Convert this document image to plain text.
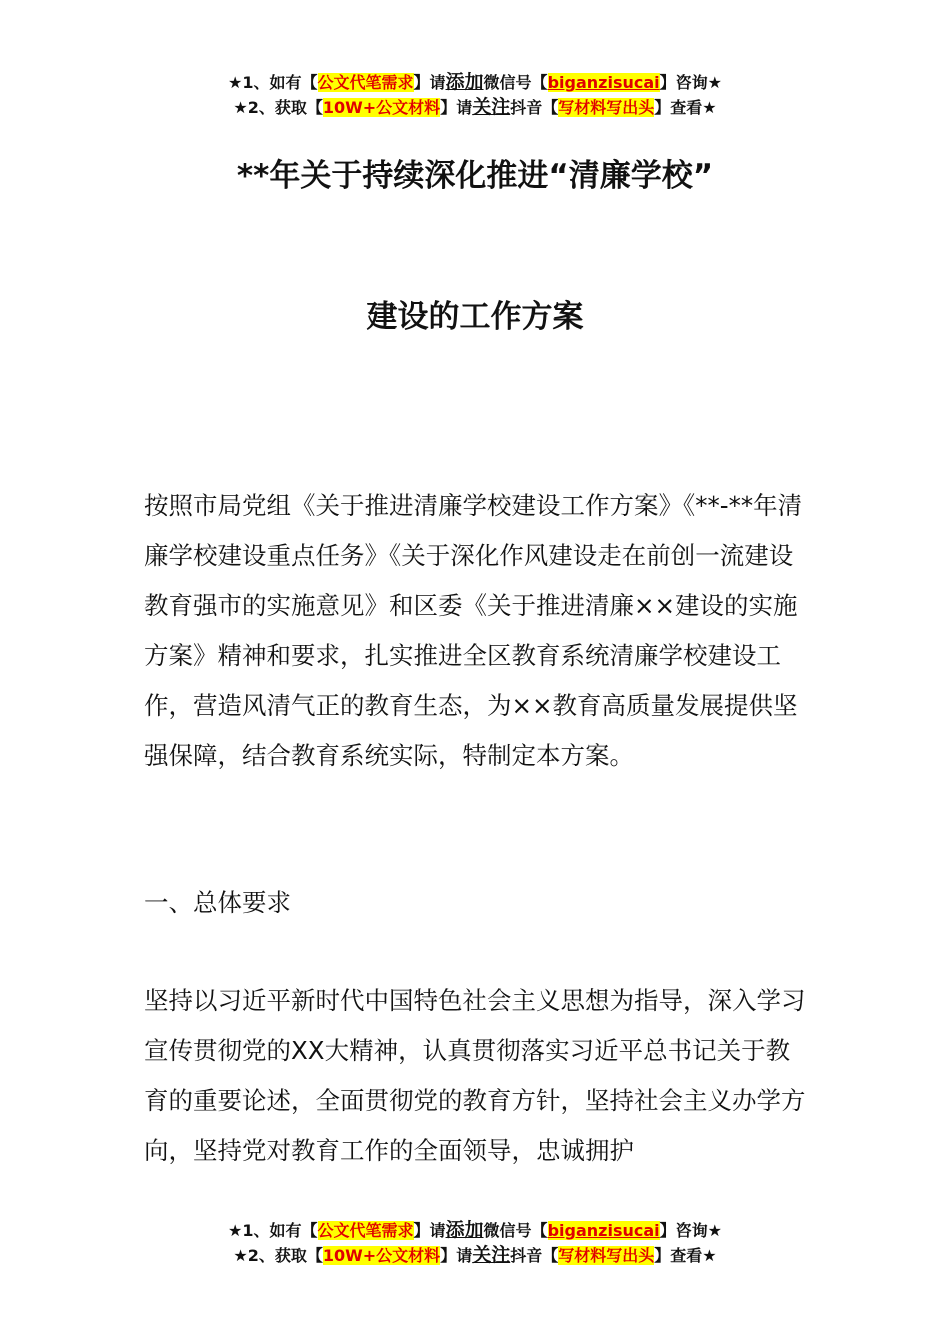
★1、如有【公文代笔需求】请添加微信号【biganzisucai】咨询★
★2、获取【10W+公文材料】请关注抖音【写材料写出头】查看★
**年关于持续深化推进“清廉学校”
建设的工作方案
按照市局党组《关于推进清廉学校建设工作方案》《**-**年清廉学校建设重点任务》《关于深化作风建设走在前创一流建设教育强市的实施意见》和区委《关于推进清廉××建设的实施方案》精神和要求，扎实推进全区教育系统清廉学校建设工作，营造风清气正的教育生态，为××教育高质量发展提供坚强保障，结合教育系统实际，特制定本方案。
一、总体要求
坚持以习近平新时代中国特色社会主义思想为指导，深入学习宣传贯彻党的XX大精神，认真贯彻落实习近平总书记关于教育的重要论述，全面贯彻党的教育方针，坚持社会主义办学方向，坚持党对教育工作的全面领导，忠诚拥护
★1、如有【公文代笔需求】请添加微信号【biganzisucai】咨询★
★2、获取【10W+公文材料】请关注抖音【写材料写出头】查看★
